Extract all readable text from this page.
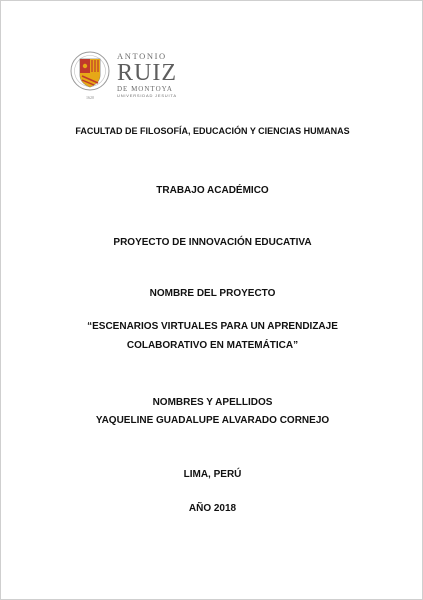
1620
ANTONIO
RUIZ
DE MONTOYA
UNIVERSIDAD JESUITA
FACULTAD DE FILOSOFÍA, EDUCACIÓN Y CIENCIAS HUMANAS
TRABAJO ACADÉMICO
PROYECTO DE INNOVACIÓN EDUCATIVA
NOMBRE DEL PROYECTO
“ESCENARIOS VIRTUALES PARA UN APRENDIZAJE
COLABORATIVO EN MATEMÁTICA”
NOMBRES Y APELLIDOS
YAQUELINE GUADALUPE ALVARADO CORNEJO
LIMA, PERÚ
AÑO 2018
